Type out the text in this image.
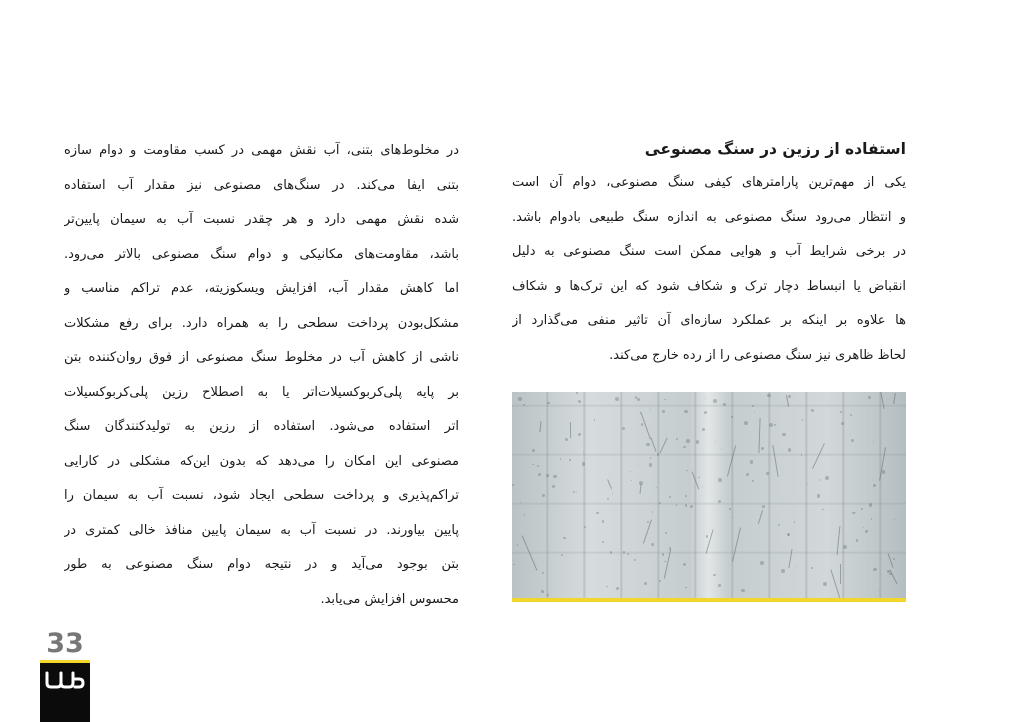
در مخلوط‌های بتنی، آب نقش مهمی در کسب مقاومت و دوام سازه
بتنی ایفا می‌کند. در سنگ‌های مصنوعی نیز مقدار آب استفاده
شده نقش مهمی دارد و هر چقدر نسبت آب به سیمان پایین‌تر
باشد، مقاومت‌های مکانیکی و دوام سنگ مصنوعی بالاتر می‌رود.
اما کاهش مقدار آب، افزایش ویسکوزیته، عدم تراکم مناسب و
مشکل‌بودن پرداخت سطحی را به همراه دارد. برای رفع مشکلات
ناشی از کاهش آب در مخلوط سنگ مصنوعی از فوق روان‌کننده بتن
بر پایه پلی‌کربوکسیلات‌اتر یا به اصطلاح رزین پلی‌کربوکسیلات
اتر استفاده می‌شود. استفاده از رزین به تولیدکنندگان سنگ
مصنوعی این امکان را می‌دهد که بدون این‌که مشکلی در کارایی
تراکم‌پذیری و پرداخت سطحی ایجاد شود، نسبت آب به سیمان را
پایین بیاورند. در نسبت آب به سیمان پایین منافذ خالی کمتری در
بتن بوجود می‌آید و در نتیجه دوام سنگ مصنوعی به طور
محسوس افزایش می‌یابد.
استفاده از رزین در سنگ مصنوعی
یکی از مهم‌ترین پارامترهای کیفی سنگ مصنوعی، دوام آن است
و انتظار می‌رود سنگ مصنوعی به اندازه سنگ طبیعی بادوام باشد.
در برخی شرایط آب و هوایی ممکن است سنگ مصنوعی به دلیل
انقباض یا انبساط دچار ترک و شکاف شود که این ترک‌ها و شکاف
ها علاوه بر اینکه بر عملکرد سازه‌ای آن تاثیر منفی می‌گذارد از
لحاظ ظاهری نیز سنگ مصنوعی را از رده خارج می‌کند.
33
